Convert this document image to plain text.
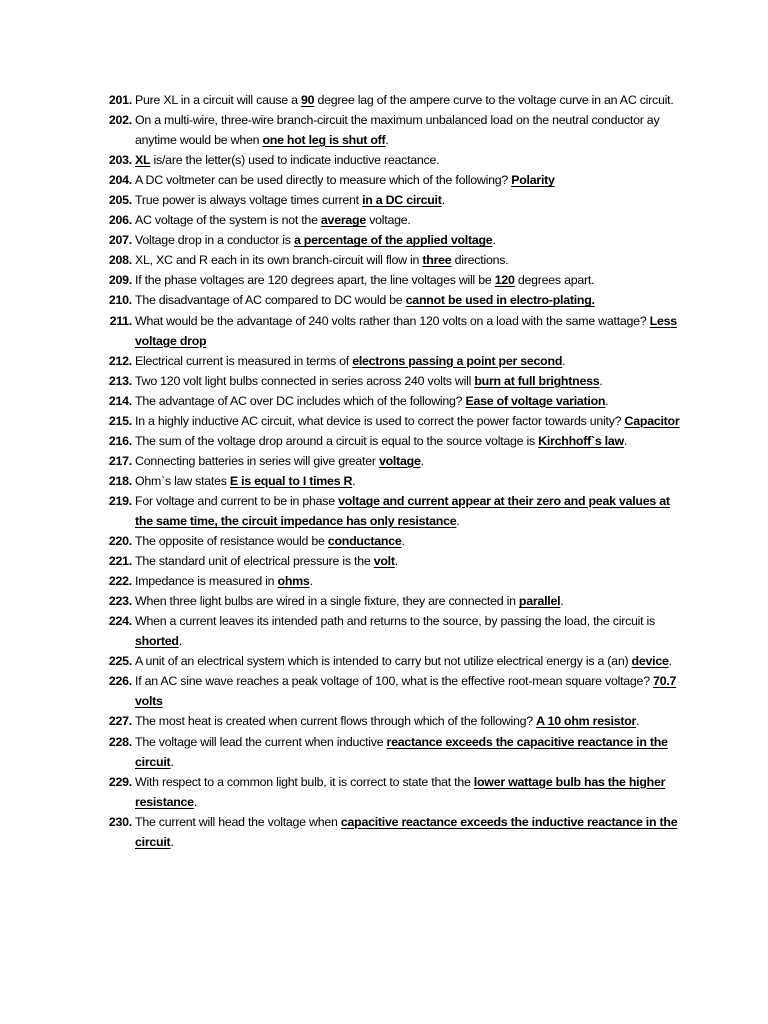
201. Pure XL in a circuit will cause a 90 degree lag of the ampere curve to the voltage curve in an AC circuit.
202. On a multi-wire, three-wire branch-circuit the maximum unbalanced load on the neutral conductor ay anytime would be when one hot leg is shut off.
203. XL is/are the letter(s) used to indicate inductive reactance.
204. A DC voltmeter can be used directly to measure which of the following? Polarity
205. True power is always voltage times current in a DC circuit.
206. AC voltage of the system is not the average voltage.
207. Voltage drop in a conductor is a percentage of the applied voltage.
208. XL, XC and R each in its own branch-circuit will flow in three directions.
209. If the phase voltages are 120 degrees apart, the line voltages will be 120 degrees apart.
210. The disadvantage of AC compared to DC would be cannot be used in electro-plating.
211. What would be the advantage of 240 volts rather than 120 volts on a load with the same wattage? Less voltage drop
212. Electrical current is measured in terms of electrons passing a point per second.
213. Two 120 volt light bulbs connected in series across 240 volts will burn at full brightness.
214. The advantage of AC over DC includes which of the following? Ease of voltage variation.
215. In a highly inductive AC circuit, what device is used to correct the power factor towards unity? Capacitor
216. The sum of the voltage drop around a circuit is equal to the source voltage is Kirchhoff`s law.
217. Connecting batteries in series will give greater voltage.
218. Ohm`s law states E is equal to I times R.
219. For voltage and current to be in phase voltage and current appear at their zero and peak values at the same time, the circuit impedance has only resistance.
220. The opposite of resistance would be conductance.
221. The standard unit of electrical pressure is the volt.
222. Impedance is measured in ohms.
223. When three light bulbs are wired in a single fixture, they are connected in parallel.
224. When a current leaves its intended path and returns to the source, by passing the load, the circuit is shorted.
225. A unit of an electrical system which is intended to carry but not utilize electrical energy is a (an) device.
226. If an AC sine wave reaches a peak voltage of 100, what is the effective root-mean square voltage? 70.7 volts
227. The most heat is created when current flows through which of the following? A 10 ohm resistor.
228. The voltage will lead the current when inductive reactance exceeds the capacitive reactance in the circuit.
229. With respect to a common light bulb, it is correct to state that the lower wattage bulb has the higher resistance.
230. The current will head the voltage when capacitive reactance exceeds the inductive reactance in the circuit.
